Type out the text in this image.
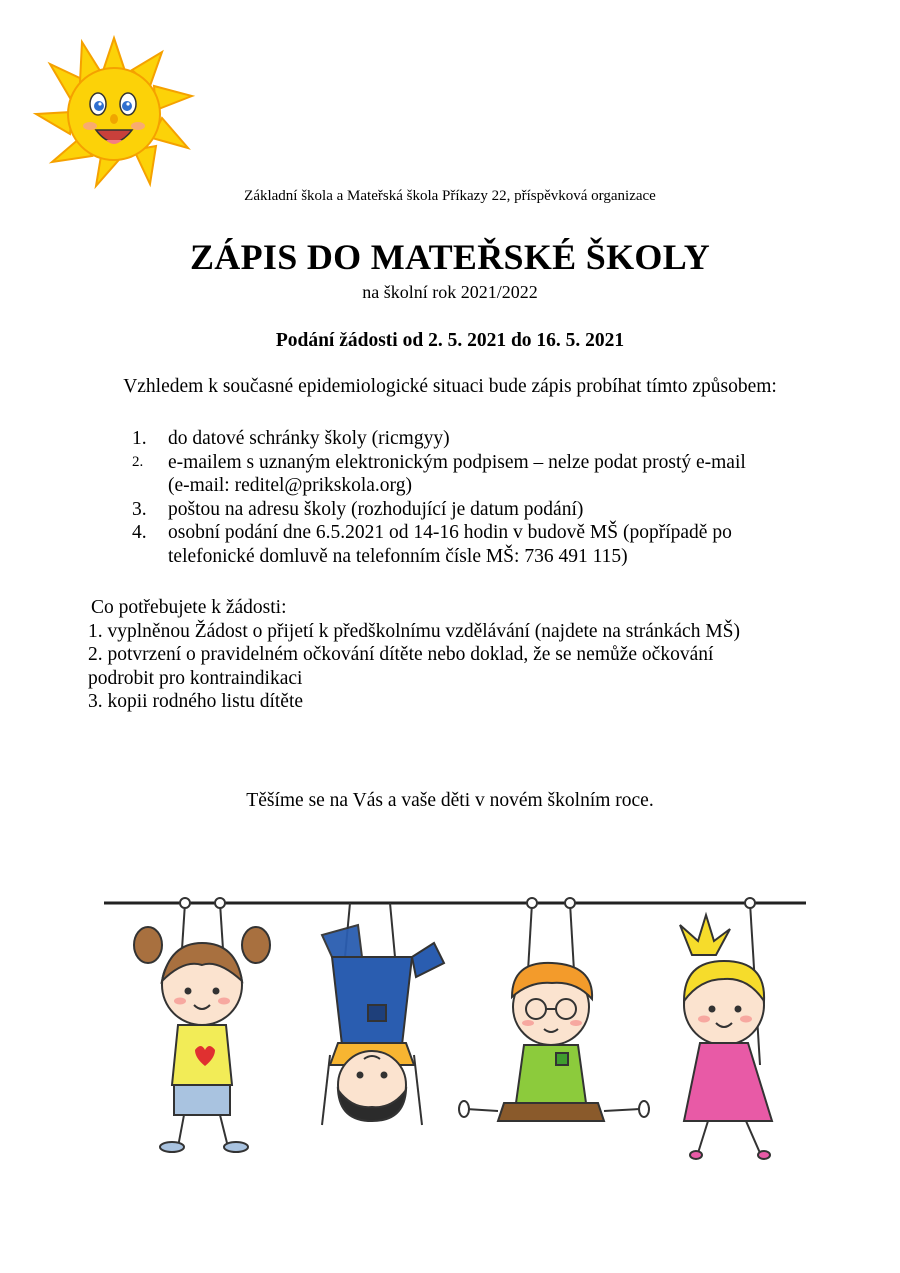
Základní škola a Mateřská škola Příkazy 22, příspěvková organizace
ZÁPIS DO MATEŘSKÉ ŠKOLY
na školní rok 2021/2022
Podání žádosti od 2. 5. 2021 do 16. 5. 2021
Vzhledem k současné epidemiologické situaci bude zápis probíhat tímto způsobem:
1.	do datové schránky školy (ricmgyy)
2.	e-mailem s uznaným elektronickým podpisem – nelze podat prostý e-mail
(e-mail: reditel@prikskola.org)
3.	poštou na adresu školy (rozhodující je datum podání)
4.	osobní podání dne 6.5.2021 od 14-16 hodin v budově MŠ (popřípadě po
telefonické domluvě na telefonním čísle MŠ: 736 491 115)
Co potřebujete k žádosti:
1. vyplněnou Žádost o přijetí k předškolnímu vzdělávání (najdete na stránkách MŠ)
2. potvrzení o pravidelném očkování dítěte nebo doklad, že se nemůže očkování
podrobit pro kontraindikaci
3. kopii rodného listu dítěte
Těšíme se na Vás a vaše děti v novém školním roce.
